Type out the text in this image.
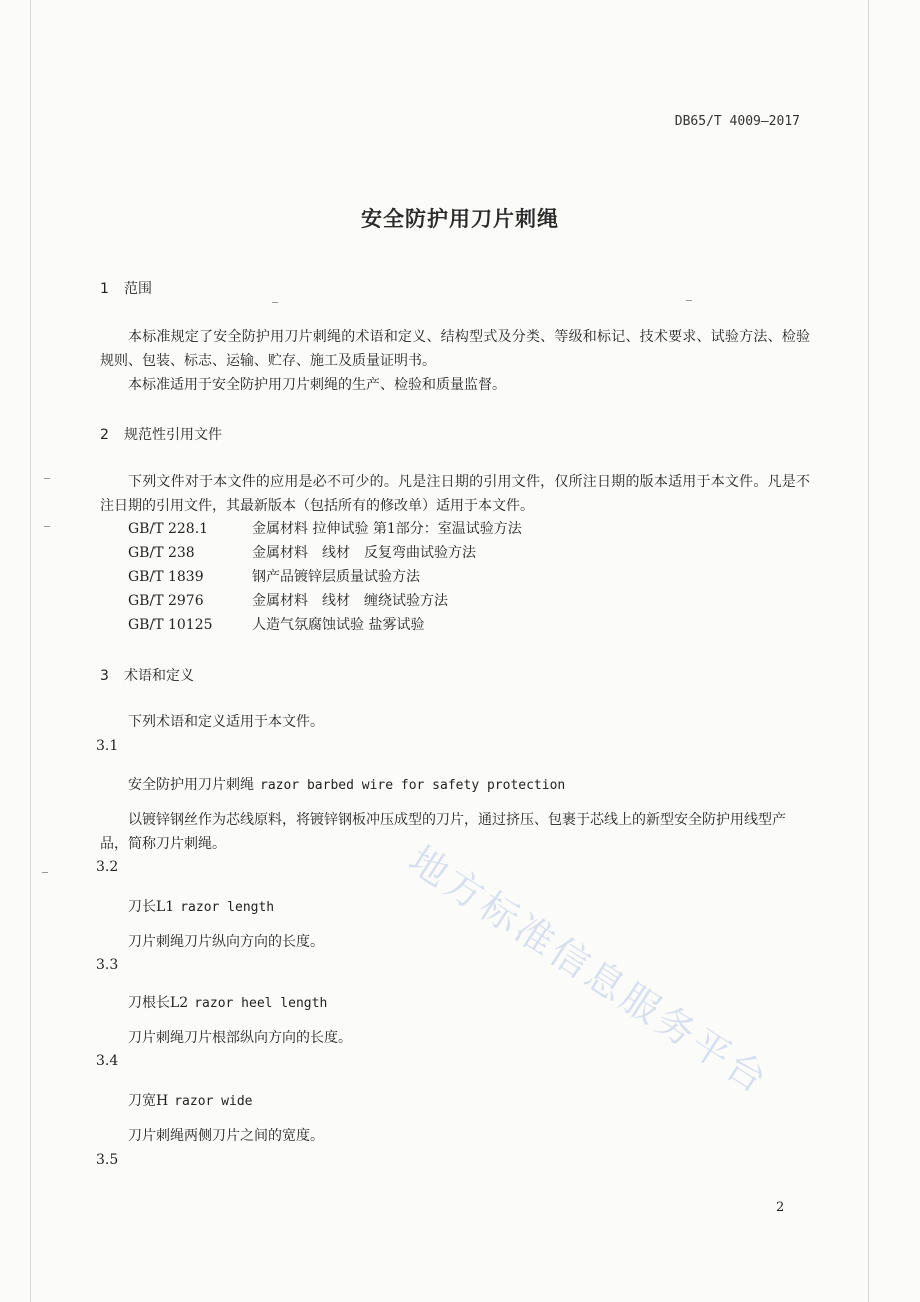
DB65/T 4009—2017
安全防护用刀片刺绳
1 范围
本标准规定了安全防护用刀片刺绳的术语和定义、结构型式及分类、等级和标记、技术要求、试验方法、检验规则、包装、标志、运输、贮存、施工及质量证明书。
本标准适用于安全防护用刀片刺绳的生产、检验和质量监督。
2 规范性引用文件
下列文件对于本文件的应用是必不可少的。凡是注日期的引用文件，仅所注日期的版本适用于本文件。凡是不注日期的引用文件，其最新版本（包括所有的修改单）适用于本文件。
GB/T 228.1	金属材料 拉伸试验 第1部分：室温试验方法
GB/T 238	金属材料　线材　反复弯曲试验方法
GB/T 1839	钢产品镀锌层质量试验方法
GB/T 2976	金属材料　线材　缠绕试验方法
GB/T 10125	人造气氛腐蚀试验 盐雾试验
3 术语和定义
下列术语和定义适用于本文件。
3.1
安全防护用刀片刺绳 razor barbed wire for safety protection
以镀锌钢丝作为芯线原料，将镀锌钢板冲压成型的刀片，通过挤压、包裹于芯线上的新型安全防护用线型产品，简称刀片刺绳。
3.2
刀长L1 razor length
刀片刺绳刀片纵向方向的长度。
3.3
刀根长L2 razor heel length
刀片刺绳刀片根部纵向方向的长度。
3.4
刀宽H razor wide
刀片刺绳两侧刀片之间的宽度。
3.5
2
地方标准信息服务平台
